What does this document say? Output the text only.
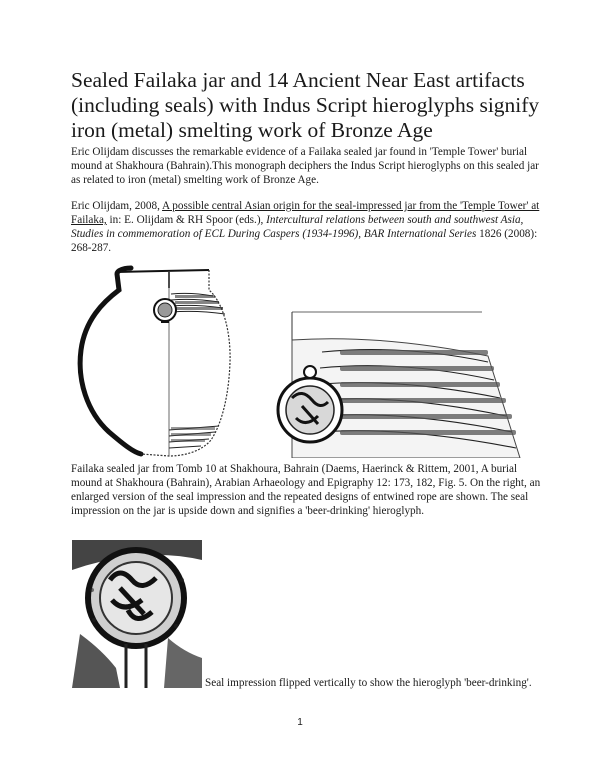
Sealed Failaka jar and 14 Ancient Near East artifacts (including seals) with Indus Script hieroglyphs signify iron (metal) smelting work of Bronze Age

Eric Olijdam discusses the remarkable evidence of a Failaka sealed jar found in 'Temple Tower' burial mound at Shakhoura (Bahrain).This monograph deciphers the Indus Script hieroglyphs on this sealed jar as related to iron (metal) smelting work of Bronze Age.

Eric Olijdam, 2008, A possible central Asian origin for the seal-impressed jar from the 'Temple Tower' at Failaka, in: E. Olijdam & RH Spoor (eds.), Intercultural relations between south and southwest Asia, Studies in commemoration of ECL During Caspers (1934-1996), BAR International Series 1826 (2008): 268-287.

Failaka sealed jar from Tomb 10 at Shakhoura, Bahrain (Daems, Haerinck & Rittem, 2001, A burial mound at Shakhoura (Bahrain), Arabian Arhaeology and Epigraphy 12: 173, 182, Fig. 5. On the right, an enlarged version of the seal impression and the repeated designs of entwined rope are shown. The seal impression on the jar is upside down and signifies a 'beer-drinking' hieroglyph.

Seal impression flipped vertically to show the hieroglyph 'beer-drinking'.
1
